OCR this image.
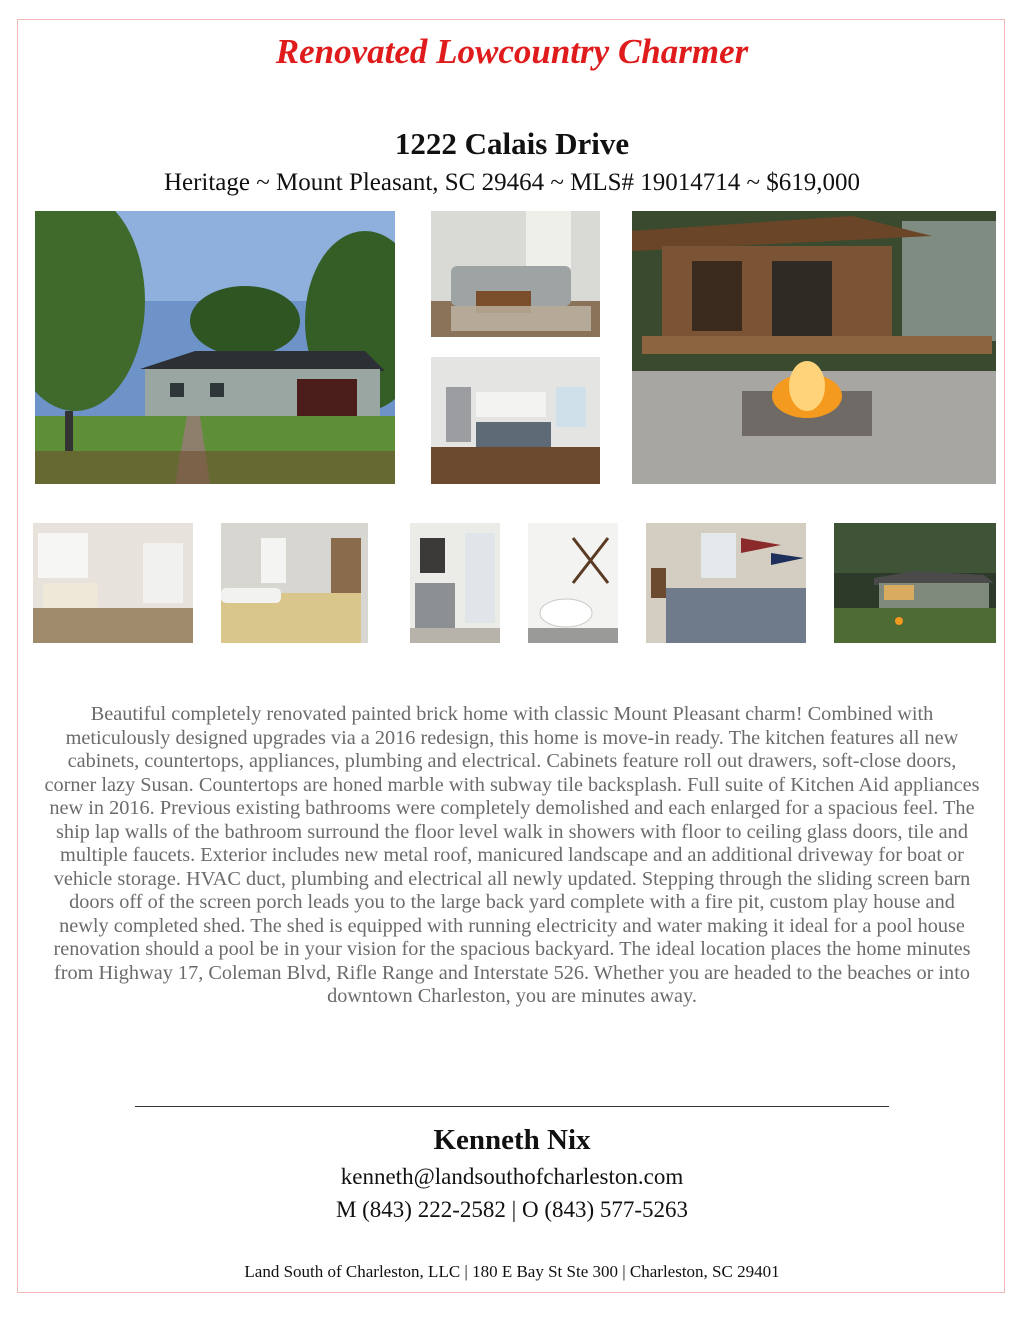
Renovated Lowcountry Charmer
1222 Calais Drive
Heritage ~ Mount Pleasant, SC 29464 ~ MLS# 19014714 ~ $619,000
Beautiful completely renovated painted brick home with classic Mount Pleasant charm! Combined with meticulously designed upgrades via a 2016 redesign, this home is move-in ready. The kitchen features all new cabinets, countertops, appliances, plumbing and electrical. Cabinets feature roll out drawers, soft-close doors, corner lazy Susan. Countertops are honed marble with subway tile backsplash. Full suite of Kitchen Aid appliances new in 2016. Previous existing bathrooms were completely demolished and each enlarged for a spacious feel. The ship lap walls of the bathroom surround the floor level walk in showers with floor to ceiling glass doors, tile and multiple faucets. Exterior includes new metal roof, manicured landscape and an additional driveway for boat or vehicle storage. HVAC duct, plumbing and electrical all newly updated. Stepping through the sliding screen barn doors off of the screen porch leads you to the large back yard complete with a fire pit, custom play house and newly completed shed. The shed is equipped with running electricity and water making it ideal for a pool house renovation should a pool be in your vision for the spacious backyard. The ideal location places the home minutes from Highway 17, Coleman Blvd, Rifle Range and Interstate 526. Whether you are headed to the beaches or into downtown Charleston, you are minutes away.
Kenneth Nix
kenneth@landsouthofcharleston.com
M (843) 222-2582 | O (843) 577-5263
Land South of Charleston, LLC | 180 E Bay St Ste 300 | Charleston, SC 29401
